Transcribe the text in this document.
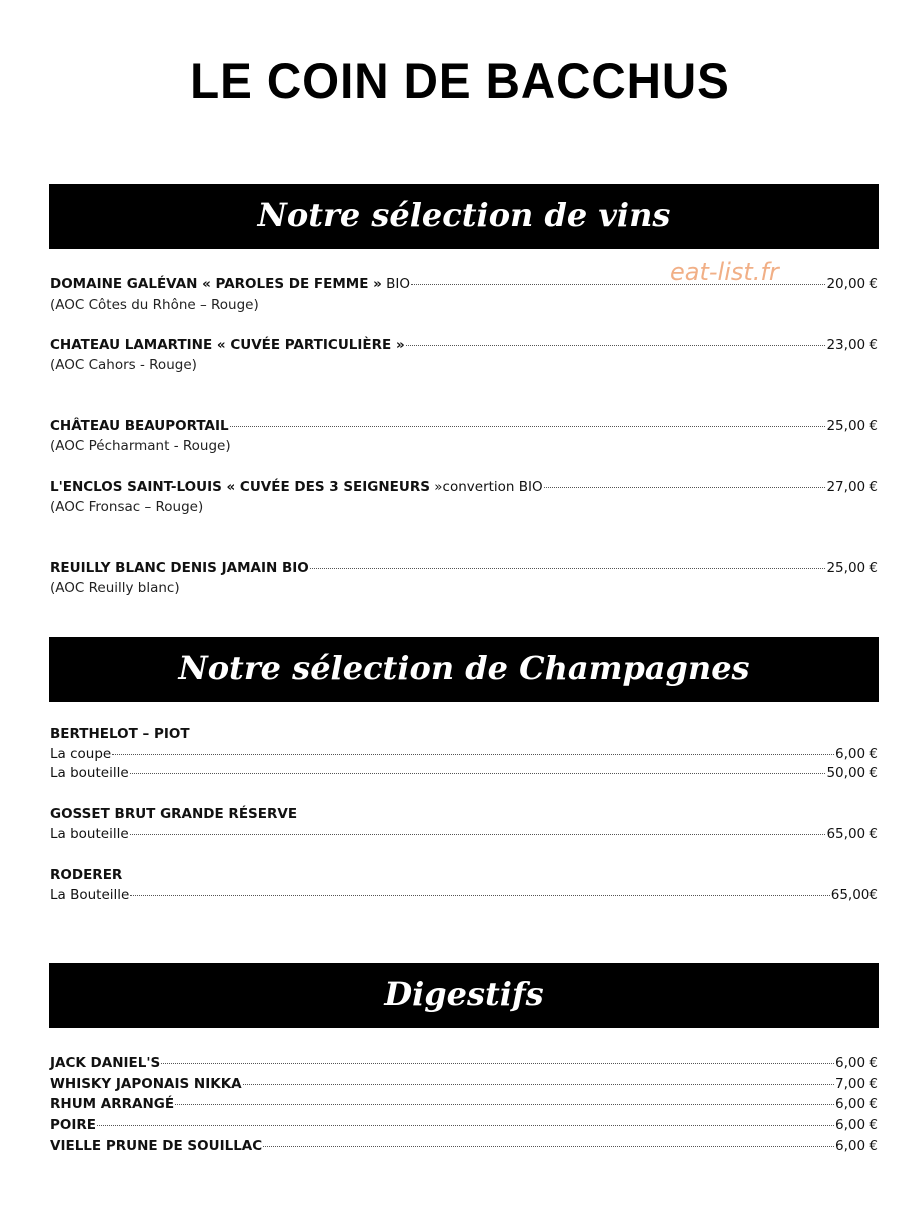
LE COIN DE BACCHUS
Notre sélection de vins
eat-list.fr
DOMAINE GALÉVAN « PAROLES DE FEMME » BIO	20,00 €
(AOC Côtes du Rhône – Rouge)
CHATEAU LAMARTINE « CUVÉE PARTICULIÈRE »	23,00 €
(AOC Cahors - Rouge)
CHÂTEAU BEAUPORTAIL	25,00 €
(AOC Pécharmant - Rouge)
L'ENCLOS SAINT-LOUIS « CUVÉE DES 3 SEIGNEURS »convertion BIO	27,00 €
(AOC Fronsac – Rouge)
REUILLY BLANC DENIS JAMAIN BIO	25,00 €
(AOC Reuilly blanc)
Notre sélection de Champagnes
BERTHELOT – PIOT
La coupe	6,00 €
La bouteille	50,00 €
GOSSET BRUT GRANDE RÉSERVE
La bouteille	65,00 €
RODERER
La Bouteille	65,00€
Digestifs
JACK DANIEL'S	6,00 €
WHISKY JAPONAIS NIKKA	7,00 €
RHUM ARRANGÉ	6,00 €
POIRE	6,00 €
VIELLE PRUNE DE SOUILLAC	6,00 €
